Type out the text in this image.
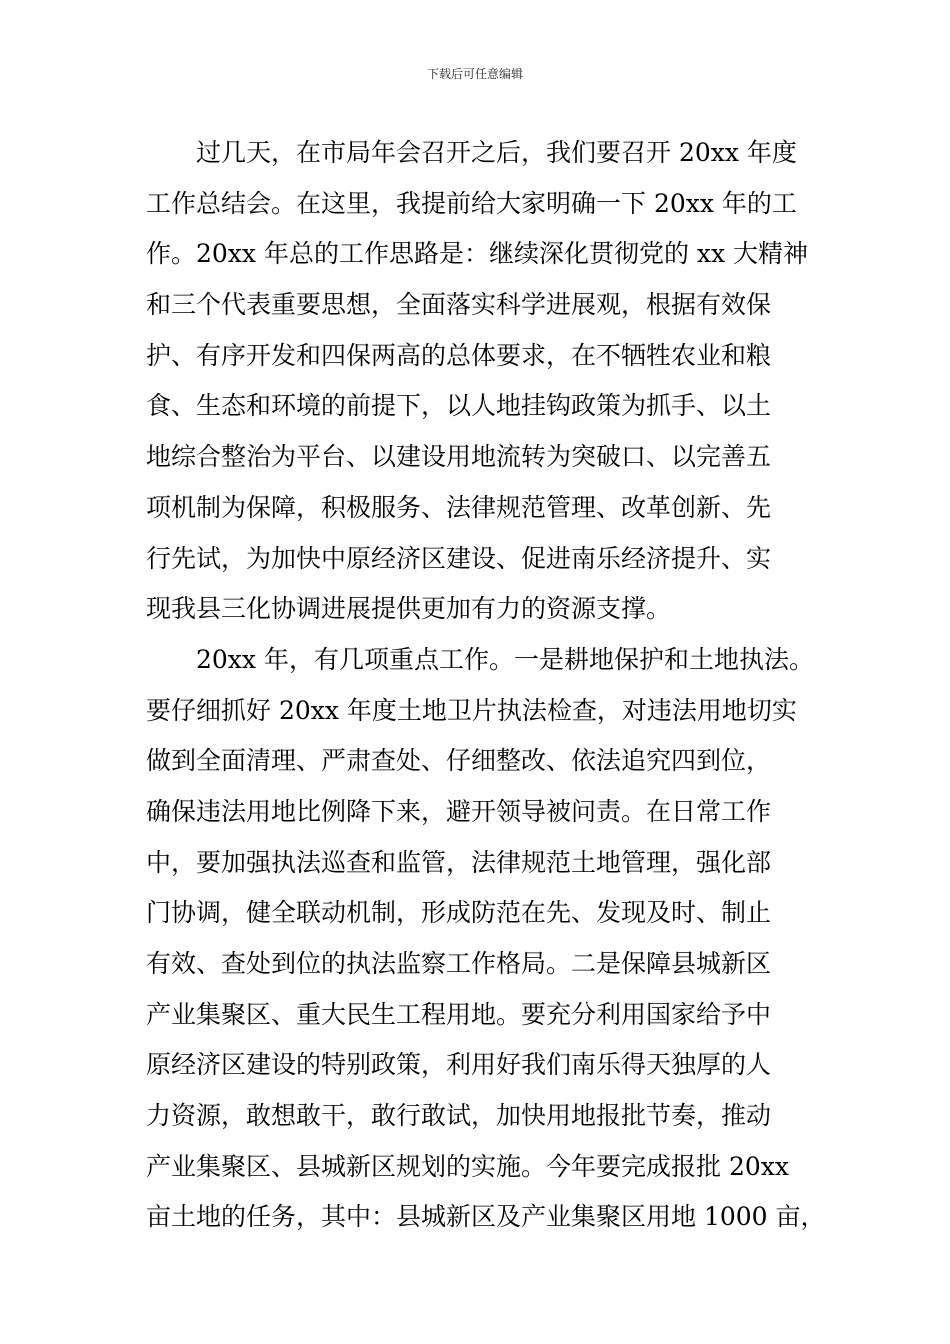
下载后可任意编辑
过几天，在市局年会召开之后，我们要召开 20xx 年度
工作总结会。在这里，我提前给大家明确一下 20xx 年的工
作。20xx 年总的工作思路是：继续深化贯彻党的 xx 大精神
和三个代表重要思想，全面落实科学进展观，根据有效保
护、有序开发和四保两高的总体要求，在不牺牲农业和粮
食、生态和环境的前提下，以人地挂钩政策为抓手、以土
地综合整治为平台、以建设用地流转为突破口、以完善五
项机制为保障，积极服务、法律规范管理、改革创新、先
行先试，为加快中原经济区建设、促进南乐经济提升、实
现我县三化协调进展提供更加有力的资源支撑。
20xx 年，有几项重点工作。一是耕地保护和土地执法。
要仔细抓好 20xx 年度土地卫片执法检查，对违法用地切实
做到全面清理、严肃查处、仔细整改、依法追究四到位，
确保违法用地比例降下来，避开领导被问责。在日常工作
中，要加强执法巡查和监管，法律规范土地管理，强化部
门协调，健全联动机制，形成防范在先、发现及时、制止
有效、查处到位的执法监察工作格局。二是保障县城新区
产业集聚区、重大民生工程用地。要充分利用国家给予中
原经济区建设的特别政策，利用好我们南乐得天独厚的人
力资源，敢想敢干，敢行敢试，加快用地报批节奏，推动
产业集聚区、县城新区规划的实施。今年要完成报批 20xx
亩土地的任务，其中：县城新区及产业集聚区用地 1000 亩，
